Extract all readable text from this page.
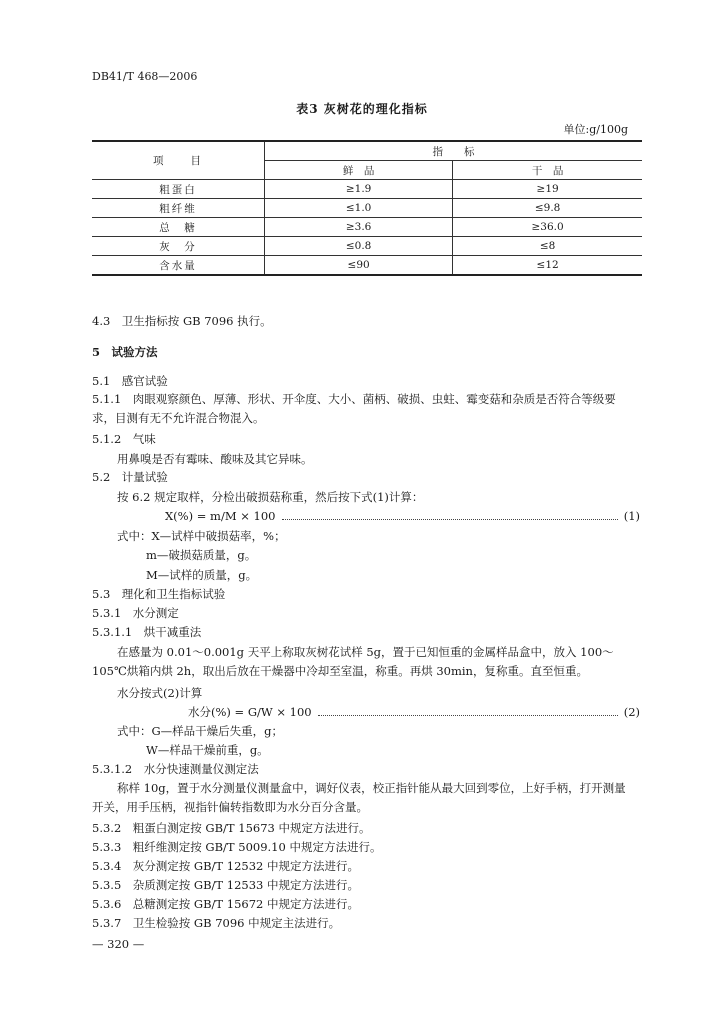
DB41/T 468—2006
表3 灰树花的理化指标
单位:g/100g
项　　目	指　　标	
	鲜　品	干　品
粗蛋白	≥1.9	≥19
粗纤维	≤1.0	≤9.8
总　糖	≥3.6	≥36.0
灰　分	≤0.8	≤8
含水量	≤90	≤12
4.3　卫生指标按 GB 7096 执行。
5　试验方法
5.1　感官试验
5.1.1　肉眼观察颜色、厚薄、形状、开伞度、大小、菌柄、破损、虫蛀、霉变菇和杂质是否符合等级要求，目测有无不允许混合物混入。
5.1.2　气味
用鼻嗅是否有霉味、酸味及其它异味。
5.2　计量试验
按 6.2 规定取样，分检出破损菇称重，然后按下式(1)计算：
X(%) = m/M × 100	(1)
式中：X—试样中破损菇率，%；
m—破损菇质量，g。
M—试样的质量，g。
5.3　理化和卫生指标试验
5.3.1　水分测定
5.3.1.1　烘干减重法
在感量为 0.01～0.001g 天平上称取灰树花试样 5g，置于已知恒重的金属样品盒中，放入 100～105℃烘箱内烘 2h，取出后放在干燥器中冷却至室温，称重。再烘 30min，复称重。直至恒重。
水分按式(2)计算
水分(%) = G/W × 100	(2)
式中：G—样品干燥后失重，g；
W—样品干燥前重，g。
5.3.1.2　水分快速测量仪测定法
称样 10g，置于水分测量仪测量盒中，调好仪表，校正指针能从最大回到零位，上好手柄，打开测量开关，用手压柄，视指针偏转指数即为水分百分含量。
5.3.2　粗蛋白测定按 GB/T 15673 中规定方法进行。
5.3.3　粗纤维测定按 GB/T 5009.10 中规定方法进行。
5.3.4　灰分测定按 GB/T 12532 中规定方法进行。
5.3.5　杂质测定按 GB/T 12533 中规定方法进行。
5.3.6　总糖测定按 GB/T 15672 中规定方法进行。
5.3.7　卫生检验按 GB 7096 中规定主法进行。
— 320 —
